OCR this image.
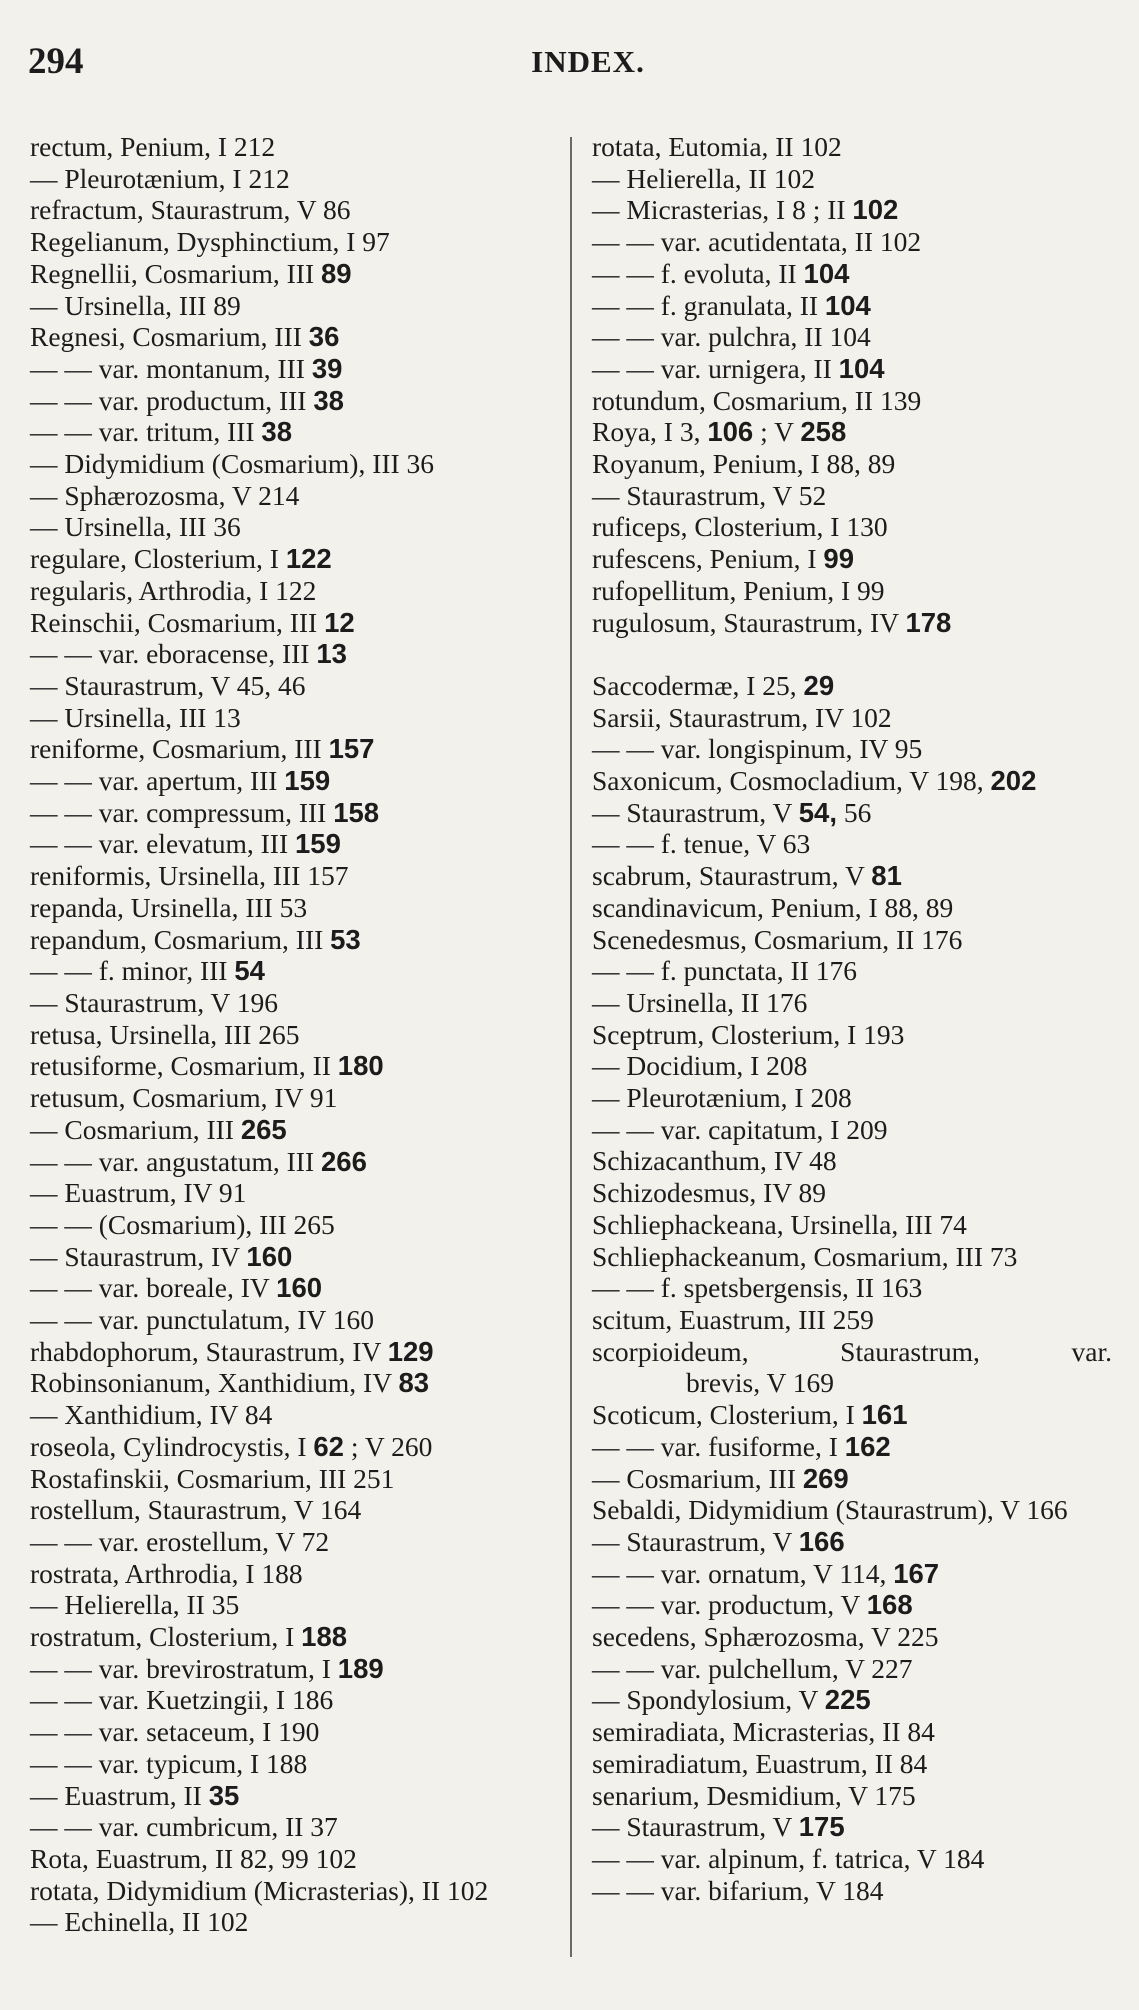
294	INDEX.
rectum, Penium, I 212
— Pleurotænium, I 212
refractum, Staurastrum, V 86
Regelianum, Dysphinctium, I 97
Regnellii, Cosmarium, III 89
— Ursinella, III 89
Regnesi, Cosmarium, III 36
— — var. montanum, III 39
— — var. productum, III 38
— — var. tritum, III 38
— Didymidium (Cosmarium), III 36
— Sphærozosma, V 214
— Ursinella, III 36
regulare, Closterium, I 122
regularis, Arthrodia, I 122
Reinschii, Cosmarium, III 12
— — var. eboracense, III 13
— Staurastrum, V 45, 46
— Ursinella, III 13
reniforme, Cosmarium, III 157
— — var. apertum, III 159
— — var. compressum, III 158
— — var. elevatum, III 159
reniformis, Ursinella, III 157
repanda, Ursinella, III 53
repandum, Cosmarium, III 53
— — f. minor, III 54
— Staurastrum, V 196
retusa, Ursinella, III 265
retusiforme, Cosmarium, II 180
retusum, Cosmarium, IV 91
— Cosmarium, III 265
— — var. angustatum, III 266
— Euastrum, IV 91
— — (Cosmarium), III 265
— Staurastrum, IV 160
— — var. boreale, IV 160
— — var. punctulatum, IV 160
rhabdophorum, Staurastrum, IV 129
Robinsonianum, Xanthidium, IV 83
— Xanthidium, IV 84
roseola, Cylindrocystis, I 62 ; V 260
Rostafinskii, Cosmarium, III 251
rostellum, Staurastrum, V 164
— — var. erostellum, V 72
rostrata, Arthrodia, I 188
— Helierella, II 35
rostratum, Closterium, I 188
— — var. brevirostratum, I 189
— — var. Kuetzingii, I 186
— — var. setaceum, I 190
— — var. typicum, I 188
— Euastrum, II 35
— — var. cumbricum, II 37
Rota, Euastrum, II 82, 99 102
rotata, Didymidium (Micrasterias), II 102
— Echinella, II 102
rotata, Eutomia, II 102
— Helierella, II 102
— Micrasterias, I 8 ; II 102
— — var. acutidentata, II 102
— — f. evoluta, II 104
— — f. granulata, II 104
— — var. pulchra, II 104
— — var. urnigera, II 104
rotundum, Cosmarium, II 139
Roya, I 3, 106 ; V 258
Royanum, Penium, I 88, 89
— Staurastrum, V 52
ruficeps, Closterium, I 130
rufescens, Penium, I 99
rufopellitum, Penium, I 99
rugulosum, Staurastrum, IV 178
Saccodermæ, I 25, 29
Sarsii, Staurastrum, IV 102
— — var. longispinum, IV 95
Saxonicum, Cosmocladium, V 198, 202
— Staurastrum, V 54, 56
— — f. tenue, V 63
scabrum, Staurastrum, V 81
scandinavicum, Penium, I 88, 89
Scenedesmus, Cosmarium, II 176
— — f. punctata, II 176
— Ursinella, II 176
Sceptrum, Closterium, I 193
— Docidium, I 208
— Pleurotænium, I 208
— — var. capitatum, I 209
Schizacanthum, IV 48
Schizodesmus, IV 89
Schliephackeana, Ursinella, III 74
Schliephackeanum, Cosmarium, III 73
— — f. spetsbergensis, II 163
scitum, Euastrum, III 259
scorpioideum,	Staurastrum,	var.
brevis, V 169
Scoticum, Closterium, I 161
— — var. fusiforme, I 162
— Cosmarium, III 269
Sebaldi, Didymidium (Staurastrum), V 166
— Staurastrum, V 166
— — var. ornatum, V 114, 167
— — var. productum, V 168
secedens, Sphærozosma, V 225
— — var. pulchellum, V 227
— Spondylosium, V 225
semiradiata, Micrasterias, II 84
semiradiatum, Euastrum, II 84
senarium, Desmidium, V 175
— Staurastrum, V 175
— — var. alpinum, f. tatrica, V 184
— — var. bifarium, V 184
